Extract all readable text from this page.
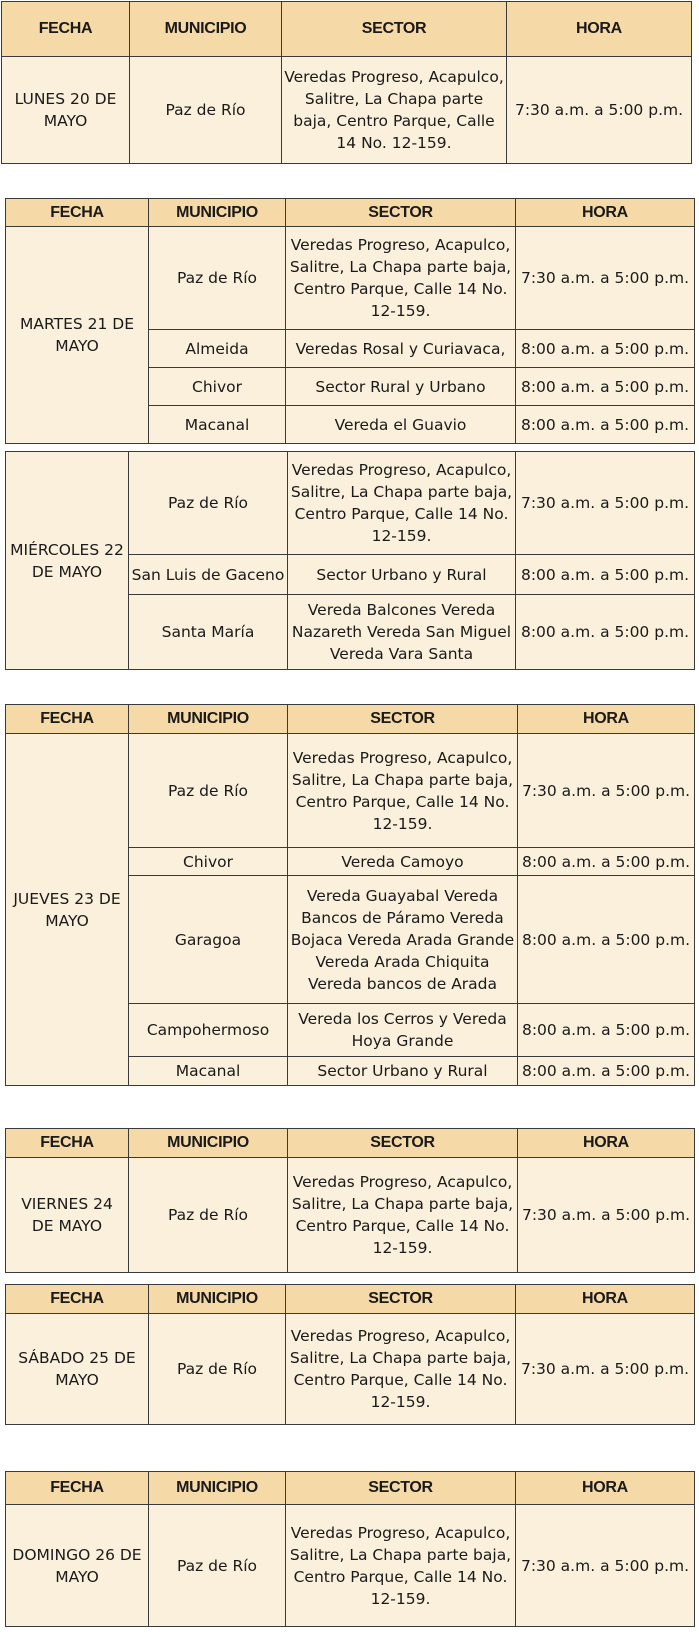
FECHA	MUNICIPIO	SECTOR	HORA
LUNES 20 DE MAYO	Paz de Río	Veredas Progreso, Acapulco, Salitre, La Chapa parte baja, Centro Parque, Calle 14 No. 12-159.	7:30 a.m. a 5:00 p.m.
FECHA	MUNICIPIO	SECTOR	HORA
MARTES 21 DE MAYO	Paz de Río	Veredas Progreso, Acapulco, Salitre, La Chapa parte baja, Centro Parque, Calle 14 No. 12-159.	7:30 a.m. a 5:00 p.m.
	Almeida	Veredas Rosal y Curiavaca,	8:00 a.m. a 5:00 p.m.
	Chivor	Sector Rural y Urbano	8:00 a.m. a 5:00 p.m.
	Macanal	Vereda el Guavio	8:00 a.m. a 5:00 p.m.
MIÉRCOLES 22 DE MAYO	Paz de Río	Veredas Progreso, Acapulco, Salitre, La Chapa parte baja, Centro Parque, Calle 14 No. 12-159.	7:30 a.m. a 5:00 p.m.
	San Luis de Gaceno	Sector Urbano y Rural	8:00 a.m. a 5:00 p.m.
	Santa María	Vereda Balcones Vereda Nazareth Vereda San Miguel Vereda Vara Santa	8:00 a.m. a 5:00 p.m.
FECHA	MUNICIPIO	SECTOR	HORA
JUEVES 23 DE MAYO	Paz de Río	Veredas Progreso, Acapulco, Salitre, La Chapa parte baja, Centro Parque, Calle 14 No. 12-159.	7:30 a.m. a 5:00 p.m.
	Chivor	Vereda Camoyo	8:00 a.m. a 5:00 p.m.
	Garagoa	Vereda Guayabal Vereda Bancos de Páramo Vereda Bojaca Vereda Arada Grande Vereda Arada Chiquita Vereda bancos de Arada	8:00 a.m. a 5:00 p.m.
	Campohermoso	Vereda los Cerros y Vereda Hoya Grande	8:00 a.m. a 5:00 p.m.
	Macanal	Sector Urbano y Rural	8:00 a.m. a 5:00 p.m.
FECHA	MUNICIPIO	SECTOR	HORA
VIERNES 24 DE MAYO	Paz de Río	Veredas Progreso, Acapulco, Salitre, La Chapa parte baja, Centro Parque, Calle 14 No. 12-159.	7:30 a.m. a 5:00 p.m.
FECHA	MUNICIPIO	SECTOR	HORA
SÁBADO 25 DE MAYO	Paz de Río	Veredas Progreso, Acapulco, Salitre, La Chapa parte baja, Centro Parque, Calle 14 No. 12-159.	7:30 a.m. a 5:00 p.m.
FECHA	MUNICIPIO	SECTOR	HORA
DOMINGO 26 DE MAYO	Paz de Río	Veredas Progreso, Acapulco, Salitre, La Chapa parte baja, Centro Parque, Calle 14 No. 12-159.	7:30 a.m. a 5:00 p.m.
